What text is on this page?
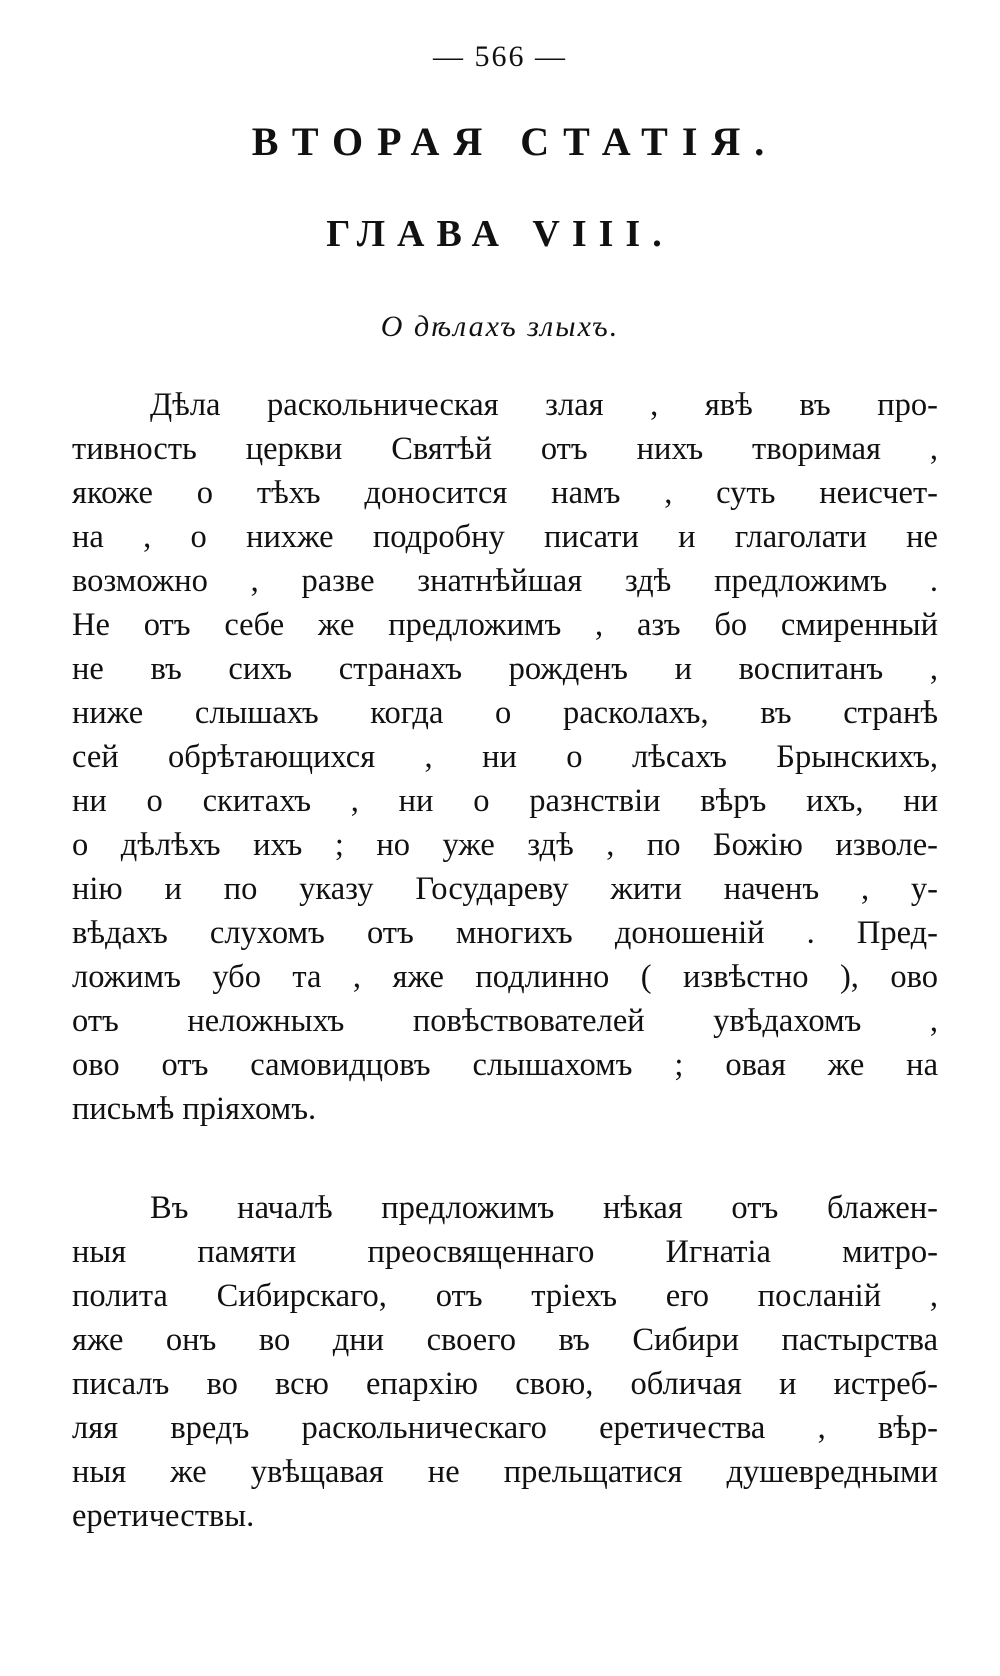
— 566 —
ВТОРАЯ СТАТІЯ.
ГЛАВА VIII.
О дѣлахъ злыхъ.
Дѣла раскольническая злая , явѣ въ про-
тивность церкви Святѣй отъ нихъ творимая ,
якоже о тѣхъ доносится намъ , суть неисчет-
на , о нихже подробну писати и глаголати не
возможно , разве знатнѣйшая здѣ предложимъ .
Не отъ себе же предложимъ , азъ бо смиренный
не въ сихъ странахъ рожденъ и воспитанъ ,
ниже слышахъ когда о расколахъ, въ странѣ
сей обрѣтающихся , ни о лѣсахъ Брынскихъ,
ни о скитахъ , ни о разнствіи вѣръ ихъ, ни
о дѣлѣхъ ихъ ; но уже здѣ , по Божію изволе-
нію и по указу Государеву жити наченъ , у-
вѣдахъ слухомъ отъ многихъ доношеній . Пред-
ложимъ убо та , яже подлинно ( извѣстно ), ово
отъ неложныхъ повѣствователей увѣдахомъ ,
ово отъ самовидцовъ слышахомъ ; овая же на
письмѣ пріяхомъ.
Въ началѣ предложимъ нѣкая отъ блажен-
ныя памяти преосвященнаго Игнатіа митро-
полита Сибирскаго, отъ тріехъ его посланій ,
яже онъ во дни своего въ Сибири пастырства
писалъ во всю епархію свою, обличая и истреб-
ляя вредъ раскольническаго еретичества , вѣр-
ныя же увѣщавая не прельщатися душевредными
еретичествы.
